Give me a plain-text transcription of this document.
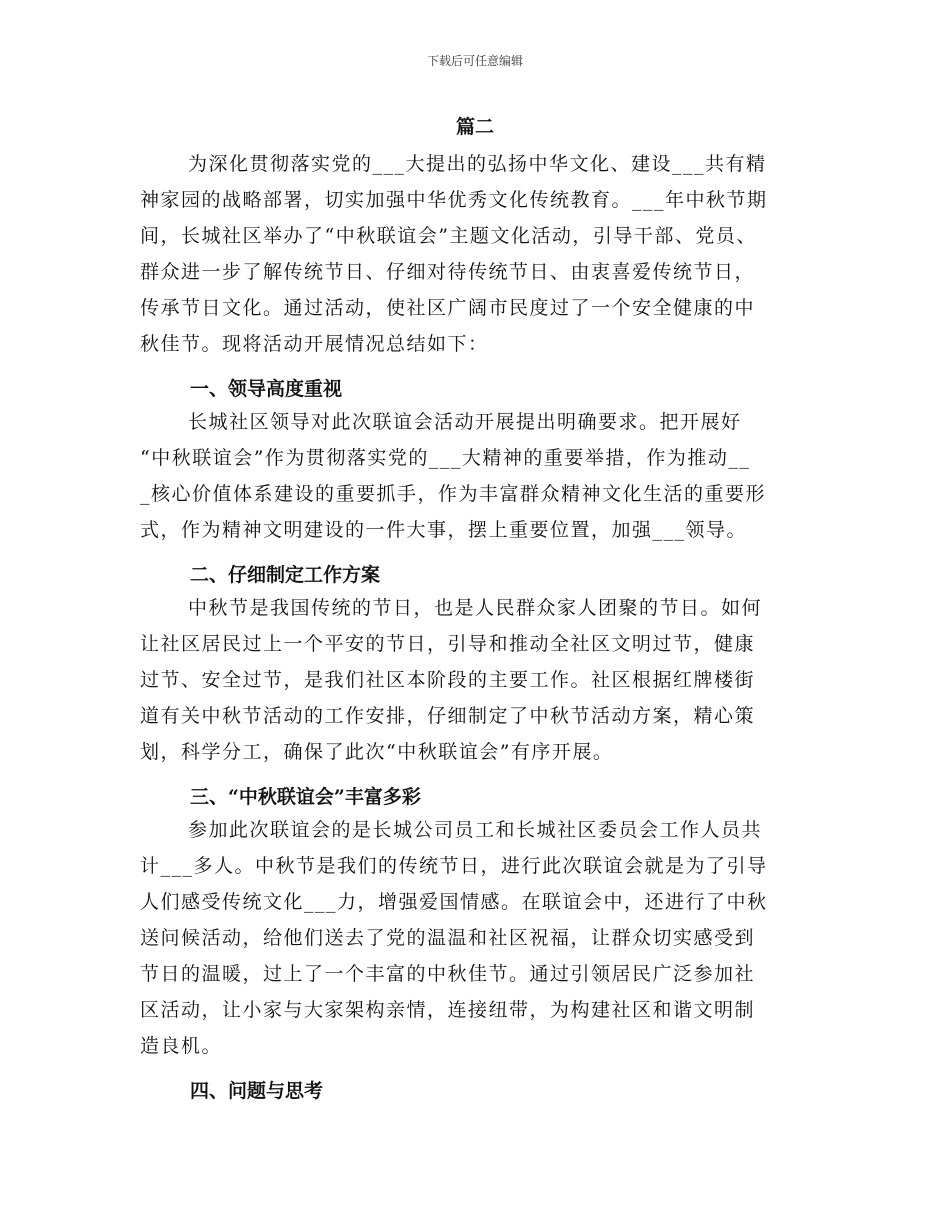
下载后可任意编辑
篇二
为深化贯彻落实党的___大提出的弘扬中华文化、建设___共有精
神家园的战略部署，切实加强中华优秀文化传统教育。___年中秋节期
间，长城社区举办了“中秋联谊会”主题文化活动，引导干部、党员、
群众进一步了解传统节日、仔细对待传统节日、由衷喜爱传统节日，
传承节日文化。通过活动，使社区广阔市民度过了一个安全健康的中
秋佳节。现将活动开展情况总结如下：
一、领导高度重视
长城社区领导对此次联谊会活动开展提出明确要求。把开展好
“中秋联谊会”作为贯彻落实党的___大精神的重要举措，作为推动__
_核心价值体系建设的重要抓手，作为丰富群众精神文化生活的重要形
式，作为精神文明建设的一件大事，摆上重要位置，加强___领导。
二、仔细制定工作方案
中秋节是我国传统的节日，也是人民群众家人团聚的节日。如何
让社区居民过上一个平安的节日，引导和推动全社区文明过节，健康
过节、安全过节，是我们社区本阶段的主要工作。社区根据红牌楼街
道有关中秋节活动的工作安排，仔细制定了中秋节活动方案，精心策
划，科学分工，确保了此次“中秋联谊会”有序开展。
三、“中秋联谊会”丰富多彩
参加此次联谊会的是长城公司员工和长城社区委员会工作人员共
计___多人。中秋节是我们的传统节日，进行此次联谊会就是为了引导
人们感受传统文化___力，增强爱国情感。在联谊会中，还进行了中秋
送问候活动，给他们送去了党的温温和社区祝福，让群众切实感受到
节日的温暖，过上了一个丰富的中秋佳节。通过引领居民广泛参加社
区活动，让小家与大家架构亲情，连接纽带，为构建社区和谐文明制
造良机。
四、问题与思考
